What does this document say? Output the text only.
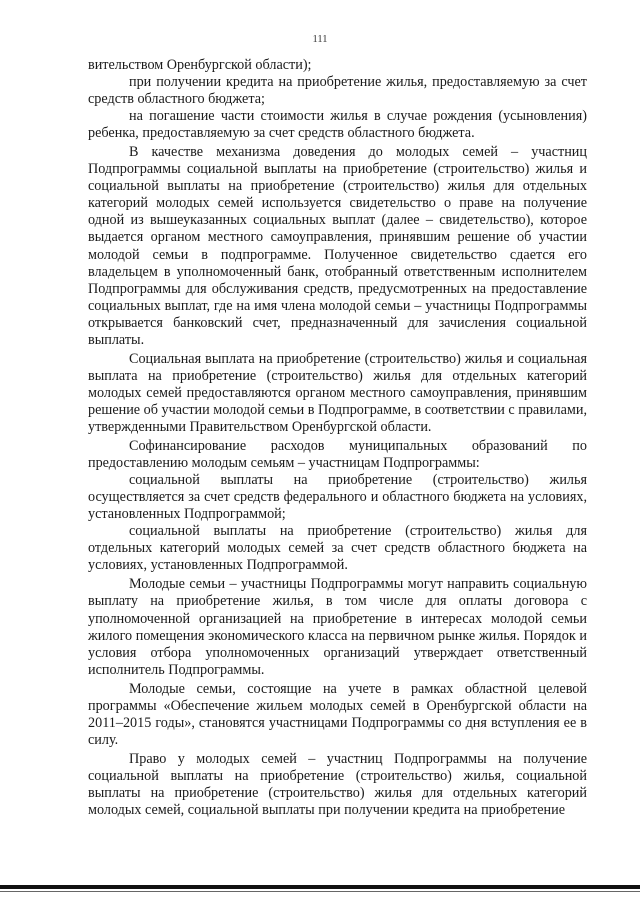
111

вительством Оренбургской области);

при получении кредита на приобретение жилья, предоставляемую за счет средств областного бюджета;

на погашение части стоимости жилья в случае рождения (усыновления) ребенка, предоставляемую за счет средств областного бюджета.

В качестве механизма доведения до молодых семей – участниц Подпрограммы социальной выплаты на приобретение (строительство) жилья и социальной выплаты на приобретение (строительство) жилья для отдельных категорий молодых семей используется свидетельство о праве на получение одной из вышеуказанных социальных выплат (далее – свидетельство), которое выдается органом местного самоуправления, принявшим решение об участии молодой семьи в подпрограмме. Полученное свидетельство сдается его владельцем в уполномоченный банк, отобранный ответственным исполнителем Подпрограммы для обслуживания средств, предусмотренных на предоставление социальных выплат, где на имя члена молодой семьи – участницы Подпрограммы открывается банковский счет, предназначенный для зачисления социальной выплаты.

Социальная выплата на приобретение (строительство) жилья и социальная выплата на приобретение (строительство) жилья для отдельных категорий молодых семей предоставляются органом местного самоуправления, принявшим решение об участии молодой семьи в Подпрограмме, в соответствии с правилами, утвержденными Правительством Оренбургской области.

Софинансирование расходов муниципальных образований по предоставлению молодым семьям – участницам Подпрограммы:

социальной выплаты на приобретение (строительство) жилья осуществляется за счет средств федерального и областного бюджета на условиях, установленных Подпрограммой;

социальной выплаты на приобретение (строительство) жилья для отдельных категорий молодых семей за счет средств областного бюджета на условиях, установленных Подпрограммой.

Молодые семьи – участницы Подпрограммы могут направить социальную выплату на приобретение жилья, в том числе для оплаты договора с уполномоченной организацией на приобретение в интересах молодой семьи жилого помещения экономического класса на первичном рынке жилья. Порядок и условия отбора уполномоченных организаций утверждает ответственный исполнитель Подпрограммы.

Молодые семьи, состоящие на учете в рамках областной целевой программы «Обеспечение жильем молодых семей в Оренбургской области на 2011–2015 годы», становятся участницами Подпрограммы со дня вступления ее в силу.

Право у молодых семей – участниц Подпрограммы на получение социальной выплаты на приобретение (строительство) жилья, социальной выплаты на приобретение (строительство) жилья для отдельных категорий молодых семей, социальной выплаты при получении кредита на приобретение
